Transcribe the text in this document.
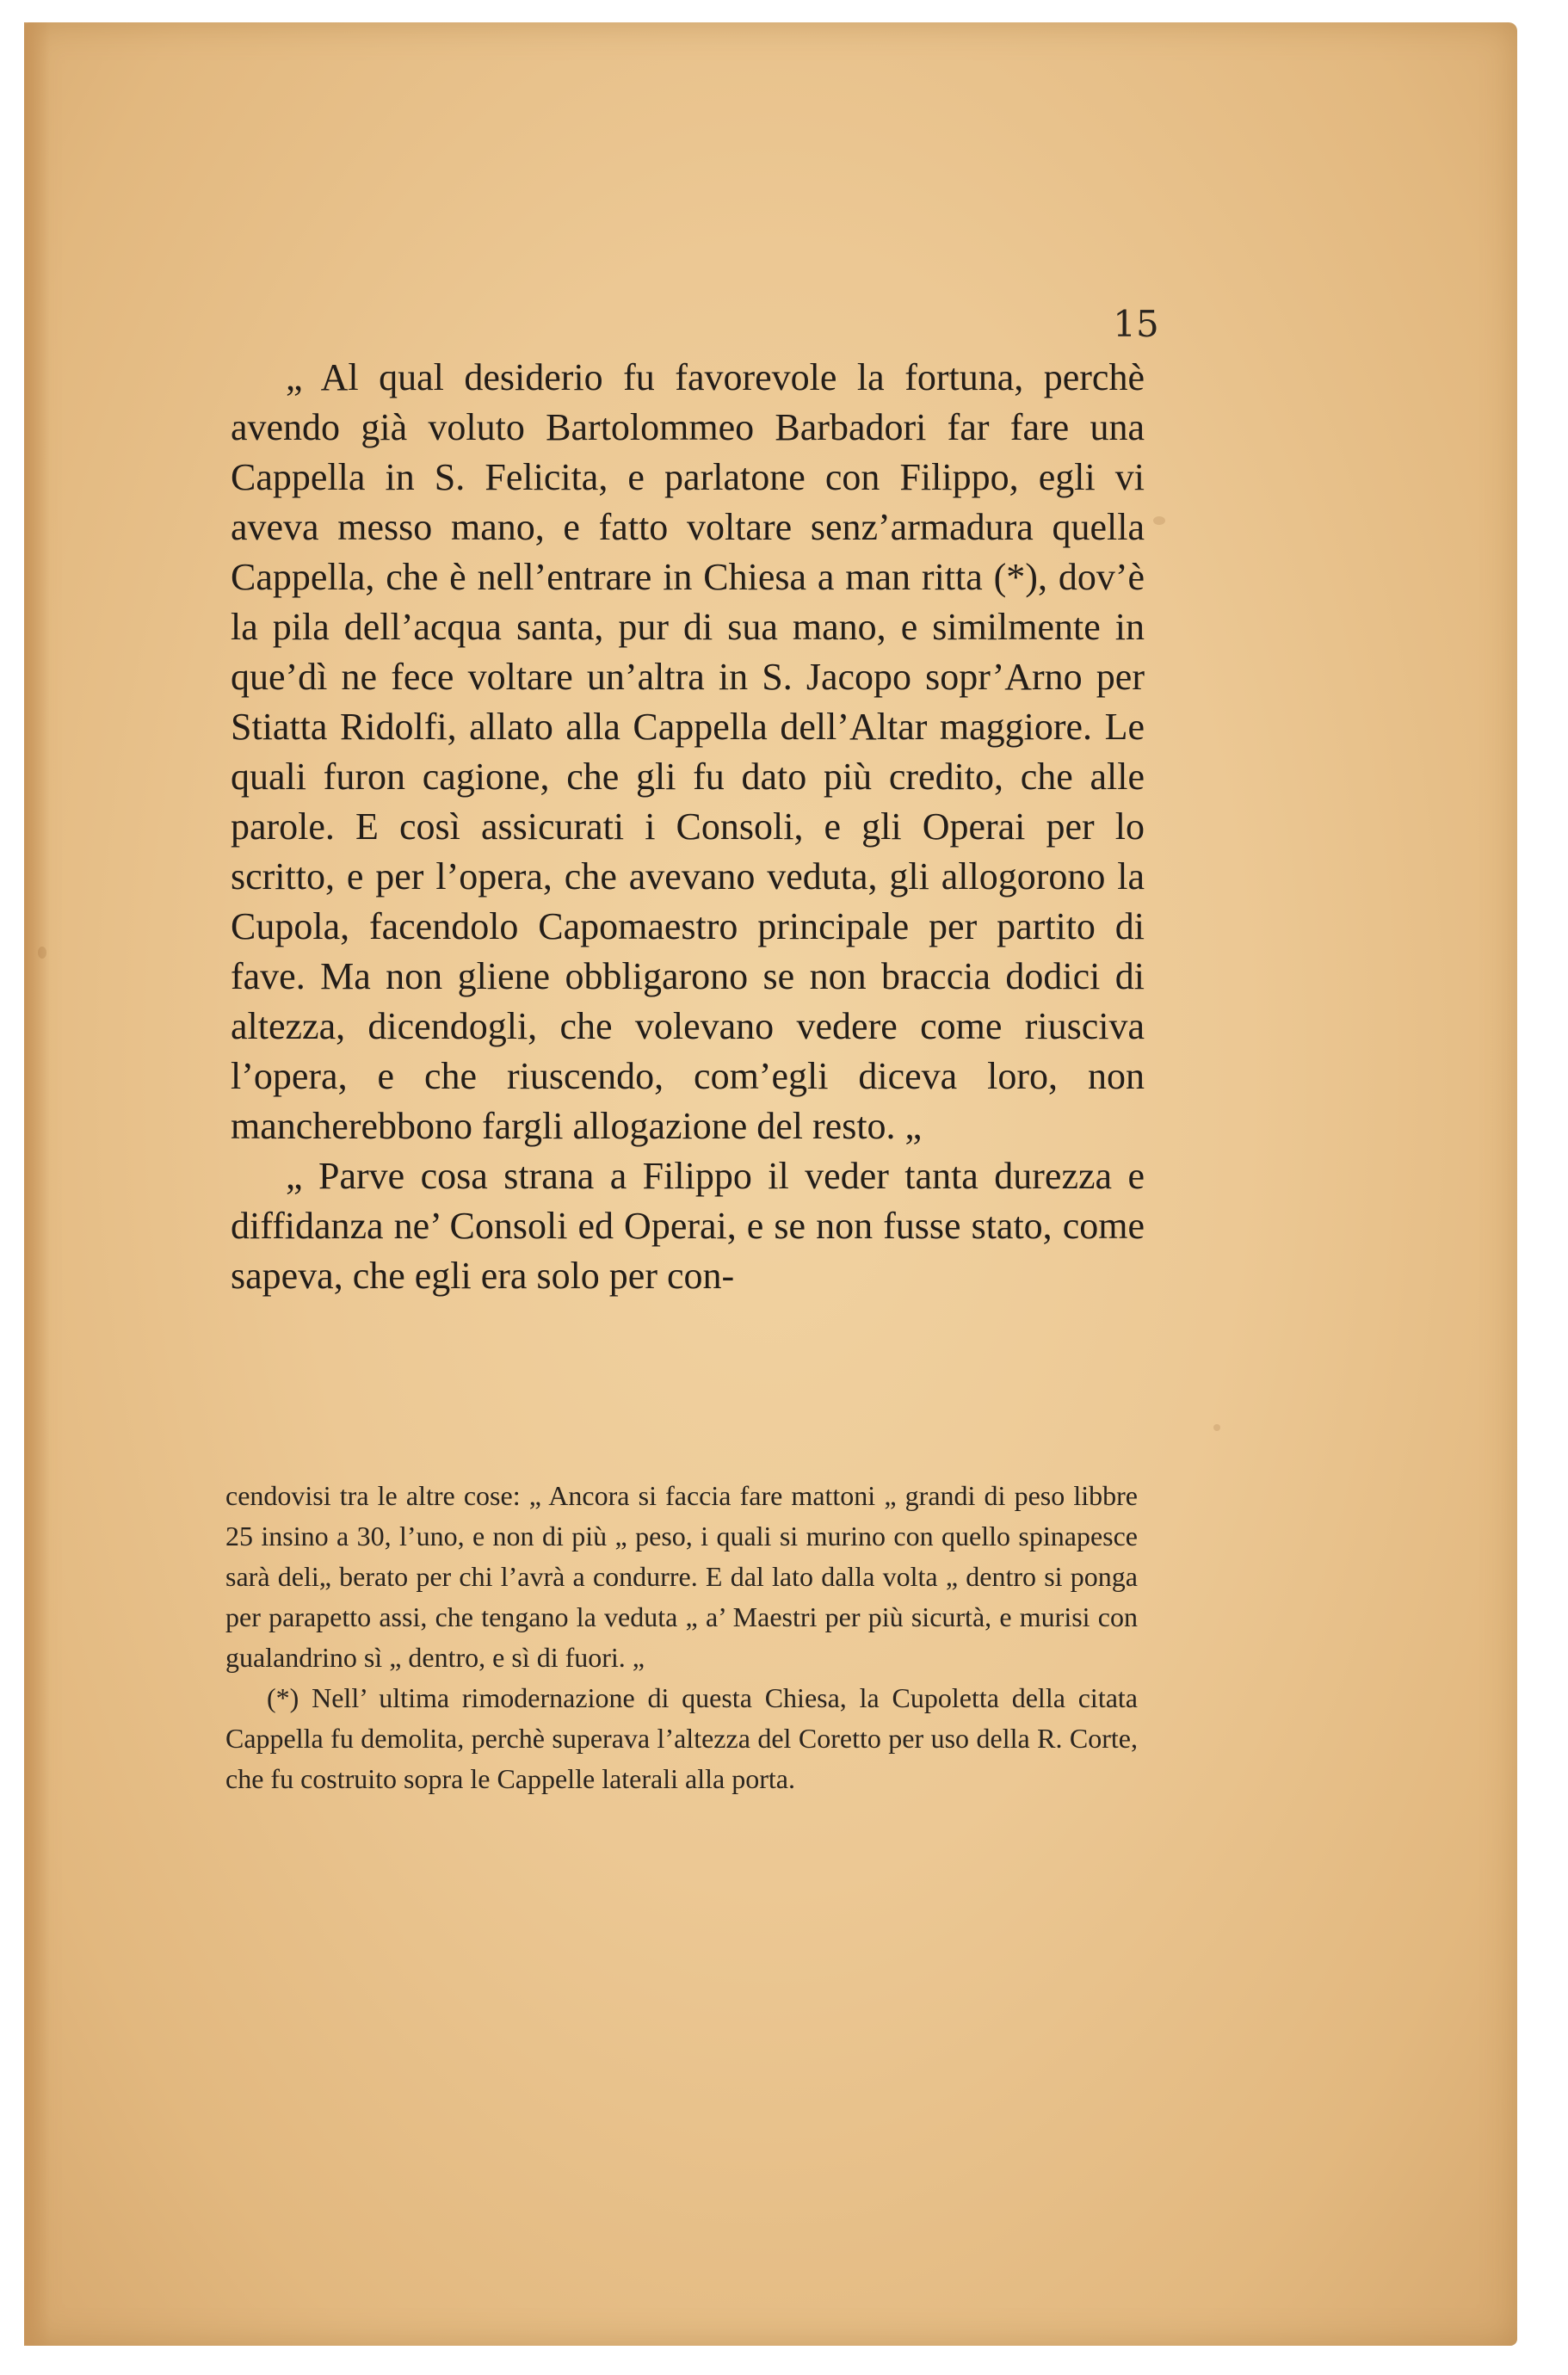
15

„ Al qual desiderio fu favorevole la fortuna, perchè avendo già voluto Bartolommeo Barbadori far fare una Cappella in S. Felicita, e parlatone con Filippo, egli vi aveva messo mano, e fatto voltare senz’armadura quella Cappella, che è nell’entrare in Chiesa a man ritta (*), dov’è la pila dell’acqua santa, pur di sua mano, e similmente in que’dì ne fece voltare un’altra in S. Jacopo sopr’Arno per Stiatta Ridolfi, allato alla Cappella dell’Altar maggiore. Le quali furon cagione, che gli fu dato più credito, che alle parole. E così assicurati i Consoli, e gli Operai per lo scritto, e per l’opera, che avevano veduta, gli allogorono la Cupola, facendolo Capomaestro principale per partito di fave. Ma non gliene obbligarono se non braccia dodici di altezza, dicendogli, che volevano vedere come riusciva l’opera, e che riuscendo, com’egli diceva loro, non mancherebbono fargli allogazione del resto. „

„ Parve cosa strana a Filippo il veder tanta durezza e diffidanza ne’ Consoli ed Operai, e se non fusse stato, come sapeva, che egli era solo per con-

cendovisi tra le altre cose: „ Ancora si faccia fare mattoni „ grandi di peso libbre 25 insino a 30, l’uno, e non di più „ peso, i quali si murino con quello spinapesce sarà deli„ berato per chi l’avrà a condurre. E dal lato dalla volta „ dentro si ponga per parapetto assi, che tengano la veduta „ a’ Maestri per più sicurtà, e murisi con gualandrino sì „ dentro, e sì di fuori. „

(*) Nell’ ultima rimodernazione di questa Chiesa, la Cupoletta della citata Cappella fu demolita, perchè superava l’altezza del Coretto per uso della R. Corte, che fu costruito sopra le Cappelle laterali alla porta.
